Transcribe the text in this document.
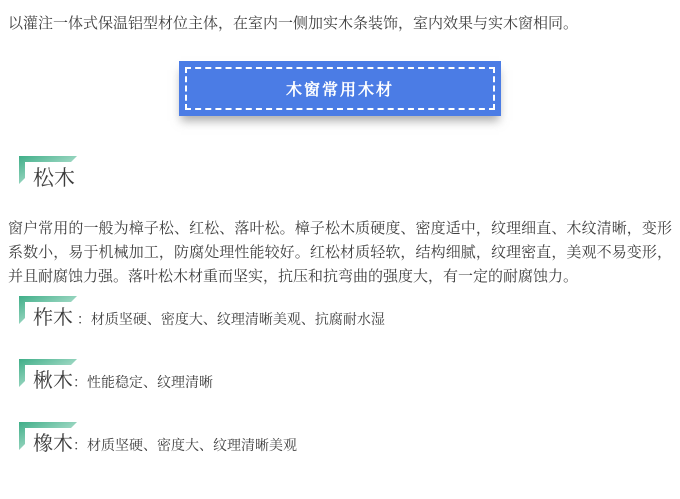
以灌注一体式保温铝型材位主体，在室内一侧加实木条装饰，室内效果与实木窗相同。

木窗常用木材
松木

窗户常用的一般为樟子松、红松、落叶松。樟子松木质硬度、密度适中，纹理细直、木纹清晰，变形系数小，易于机械加工，防腐处理性能较好。红松材质轻软，结构细腻，纹理密直，美观不易变形，并且耐腐蚀力强。落叶松木材重而坚实，抗压和抗弯曲的强度大，有一定的耐腐蚀力。

柞木 ：材质坚硬、密度大、纹理清晰美观、抗腐耐水湿
楸木 ：性能稳定、纹理清晰
橡木 ：材质坚硬、密度大、纹理清晰美观
